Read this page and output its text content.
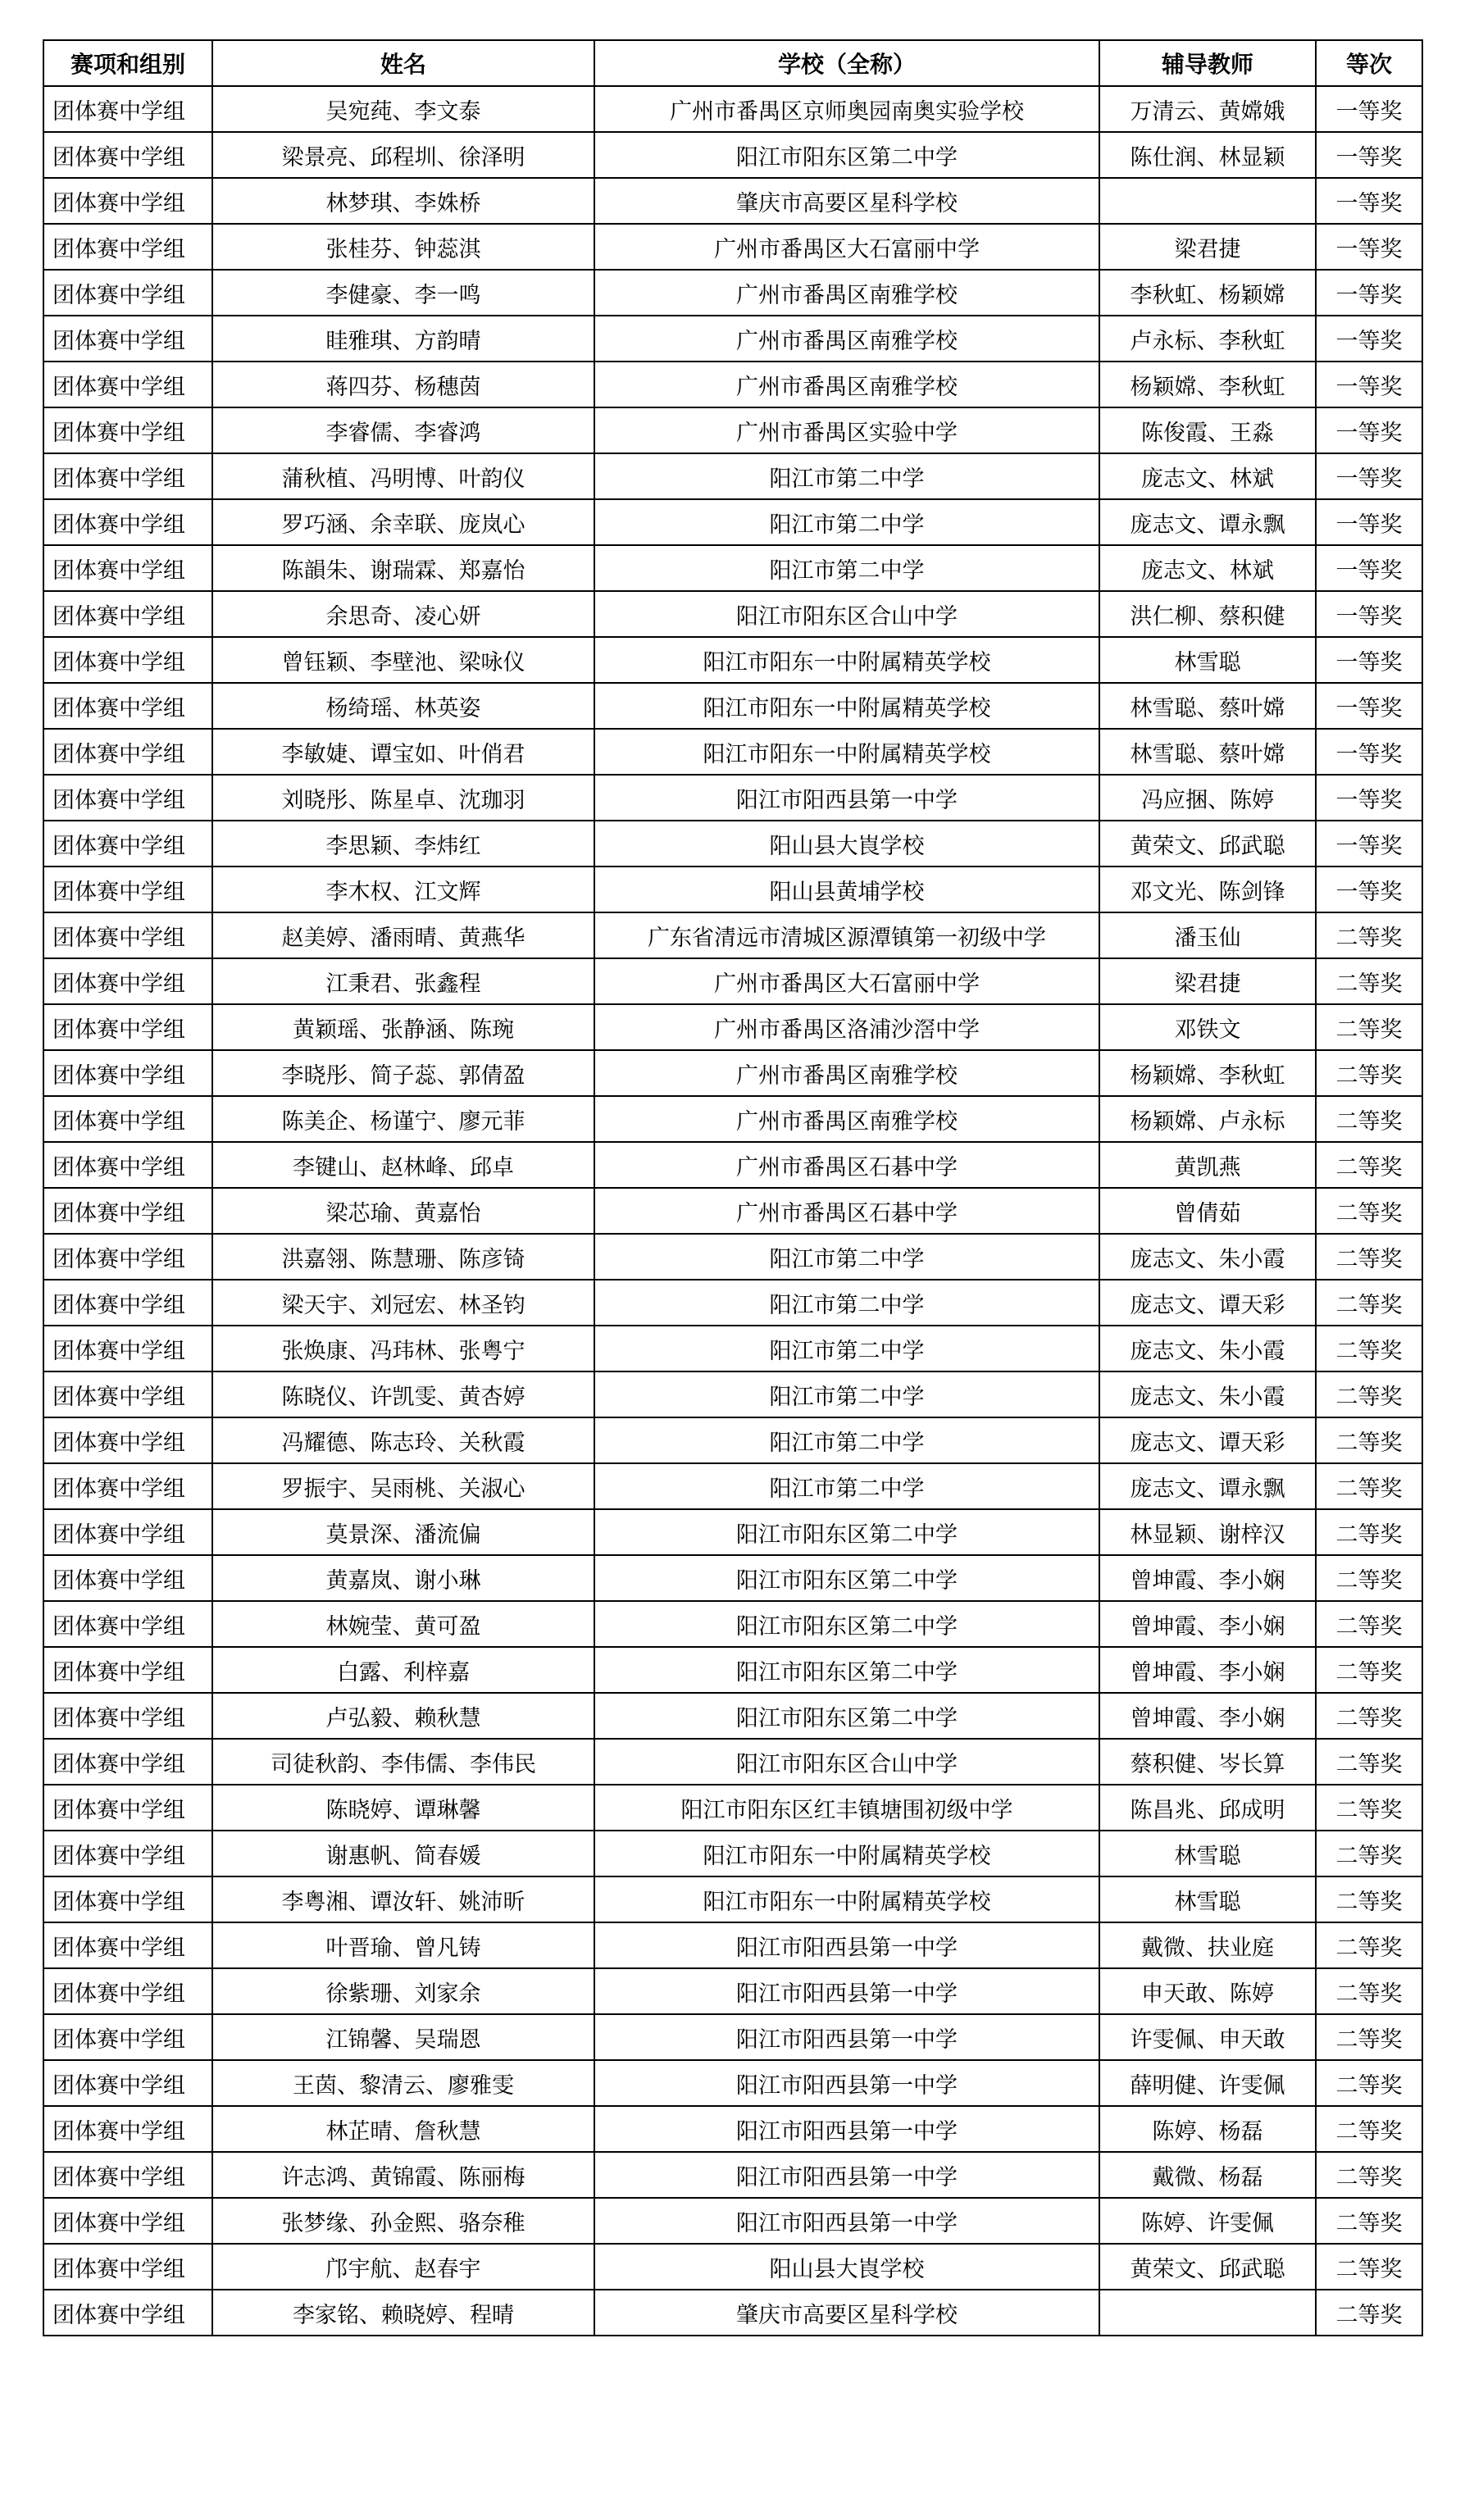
赛项和组别	姓名	学校（全称）	辅导教师	等次
团体赛中学组	吴宛莼、李文泰	广州市番禺区京师奥园南奥实验学校	万清云、黄嫦娥	一等奖
团体赛中学组	梁景亮、邱程圳、徐泽明	阳江市阳东区第二中学	陈仕润、林显颖	一等奖
团体赛中学组	林梦琪、李姝桥	肇庆市高要区星科学校		一等奖
团体赛中学组	张桂芬、钟蕊淇	广州市番禺区大石富丽中学	梁君捷	一等奖
团体赛中学组	李健豪、李一鸣	广州市番禺区南雅学校	李秋虹、杨颖嫦	一等奖
团体赛中学组	眭雅琪、方韵晴	广州市番禺区南雅学校	卢永标、李秋虹	一等奖
团体赛中学组	蒋四芬、杨穗茵	广州市番禺区南雅学校	杨颖嫦、李秋虹	一等奖
团体赛中学组	李睿儒、李睿鸿	广州市番禺区实验中学	陈俊霞、王淼	一等奖
团体赛中学组	蒲秋植、冯明博、叶韵仪	阳江市第二中学	庞志文、林斌	一等奖
团体赛中学组	罗巧涵、余幸联、庞岚心	阳江市第二中学	庞志文、谭永飘	一等奖
团体赛中学组	陈韻朱、谢瑞霖、郑嘉怡	阳江市第二中学	庞志文、林斌	一等奖
团体赛中学组	余思奇、凌心妍	阳江市阳东区合山中学	洪仁柳、蔡积健	一等奖
团体赛中学组	曾钰颖、李壁池、梁咏仪	阳江市阳东一中附属精英学校	林雪聪	一等奖
团体赛中学组	杨绮瑶、林英姿	阳江市阳东一中附属精英学校	林雪聪、蔡叶嫦	一等奖
团体赛中学组	李敏婕、谭宝如、叶俏君	阳江市阳东一中附属精英学校	林雪聪、蔡叶嫦	一等奖
团体赛中学组	刘晓彤、陈星卓、沈珈羽	阳江市阳西县第一中学	冯应捆、陈婷	一等奖
团体赛中学组	李思颖、李炜红	阳山县大崀学校	黄荣文、邱武聪	一等奖
团体赛中学组	李木权、江文辉	阳山县黄埔学校	邓文光、陈剑锋	一等奖
团体赛中学组	赵美婷、潘雨晴、黄燕华	广东省清远市清城区源潭镇第一初级中学	潘玉仙	二等奖
团体赛中学组	江秉君、张鑫程	广州市番禺区大石富丽中学	梁君捷	二等奖
团体赛中学组	黄颖瑶、张静涵、陈琬	广州市番禺区洛浦沙滘中学	邓铁文	二等奖
团体赛中学组	李晓彤、简子蕊、郭倩盈	广州市番禺区南雅学校	杨颖嫦、李秋虹	二等奖
团体赛中学组	陈美企、杨谨宁、廖元菲	广州市番禺区南雅学校	杨颖嫦、卢永标	二等奖
团体赛中学组	李键山、赵林峰、邱卓	广州市番禺区石碁中学	黄凯燕	二等奖
团体赛中学组	梁芯瑜、黄嘉怡	广州市番禺区石碁中学	曾倩茹	二等奖
团体赛中学组	洪嘉翎、陈慧珊、陈彦锜	阳江市第二中学	庞志文、朱小霞	二等奖
团体赛中学组	梁天宇、刘冠宏、林圣钧	阳江市第二中学	庞志文、谭天彩	二等奖
团体赛中学组	张焕康、冯玮林、张粤宁	阳江市第二中学	庞志文、朱小霞	二等奖
团体赛中学组	陈晓仪、许凯雯、黄杏婷	阳江市第二中学	庞志文、朱小霞	二等奖
团体赛中学组	冯耀德、陈志玲、关秋霞	阳江市第二中学	庞志文、谭天彩	二等奖
团体赛中学组	罗振宇、吴雨桃、关淑心	阳江市第二中学	庞志文、谭永飘	二等奖
团体赛中学组	莫景深、潘流偏	阳江市阳东区第二中学	林显颖、谢梓汉	二等奖
团体赛中学组	黄嘉岚、谢小琳	阳江市阳东区第二中学	曾坤霞、李小娴	二等奖
团体赛中学组	林婉莹、黄可盈	阳江市阳东区第二中学	曾坤霞、李小娴	二等奖
团体赛中学组	白露、利梓嘉	阳江市阳东区第二中学	曾坤霞、李小娴	二等奖
团体赛中学组	卢弘毅、赖秋慧	阳江市阳东区第二中学	曾坤霞、李小娴	二等奖
团体赛中学组	司徒秋韵、李伟儒、李伟民	阳江市阳东区合山中学	蔡积健、岑长算	二等奖
团体赛中学组	陈晓婷、谭琳馨	阳江市阳东区红丰镇塘围初级中学	陈昌兆、邱成明	二等奖
团体赛中学组	谢惠帆、简春媛	阳江市阳东一中附属精英学校	林雪聪	二等奖
团体赛中学组	李粤湘、谭汝轩、姚沛昕	阳江市阳东一中附属精英学校	林雪聪	二等奖
团体赛中学组	叶晋瑜、曾凡铸	阳江市阳西县第一中学	戴微、扶业庭	二等奖
团体赛中学组	徐紫珊、刘家余	阳江市阳西县第一中学	申天敢、陈婷	二等奖
团体赛中学组	江锦馨、吴瑞恩	阳江市阳西县第一中学	许雯佩、申天敢	二等奖
团体赛中学组	王茵、黎清云、廖雅雯	阳江市阳西县第一中学	薛明健、许雯佩	二等奖
团体赛中学组	林芷晴、詹秋慧	阳江市阳西县第一中学	陈婷、杨磊	二等奖
团体赛中学组	许志鸿、黄锦霞、陈丽梅	阳江市阳西县第一中学	戴微、杨磊	二等奖
团体赛中学组	张梦缘、孙金熙、骆奈稚	阳江市阳西县第一中学	陈婷、许雯佩	二等奖
团体赛中学组	邝宇航、赵春宇	阳山县大崀学校	黄荣文、邱武聪	二等奖
团体赛中学组	李家铭、赖晓婷、程晴	肇庆市高要区星科学校		二等奖
